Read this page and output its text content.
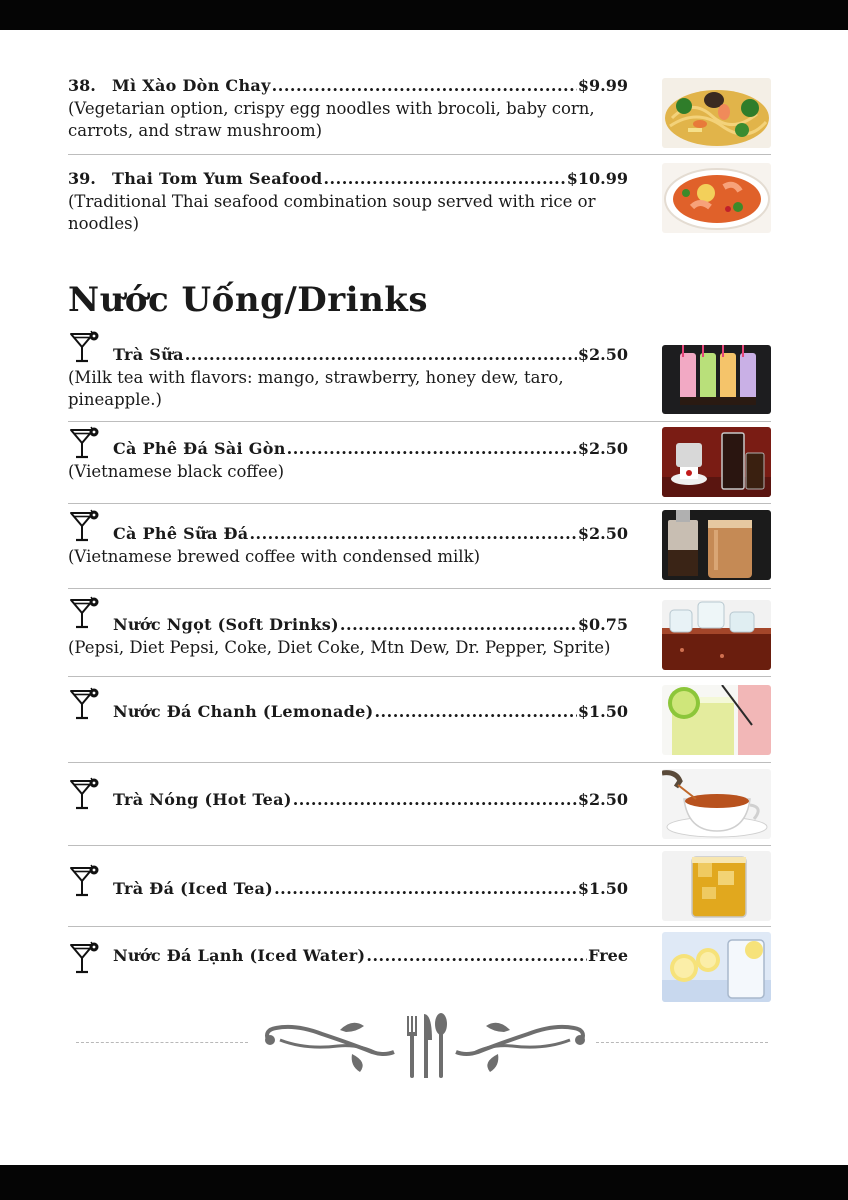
38.	Mì Xào Dòn Chay .....	$9.99
(Vegetarian option, crispy egg noodles with brocoli, baby corn, carrots, and straw mushroom)
39.	Thai Tom Yum Seafood .....	$10.99
(Traditional Thai seafood combination soup served with rice or noodles)
Nước Uống/Drinks
Trà Sữa .....	$2.50
(Milk tea with flavors: mango, strawberry, honey dew, taro, pineapple.)
Cà Phê Đá Sài Gòn .....	$2.50
(Vietnamese black coffee)
Cà Phê Sữa Đá .....	$2.50
(Vietnamese brewed coffee with condensed milk)
Nước Ngọt (Soft Drinks) .....	$0.75
(Pepsi, Diet Pepsi, Coke, Diet Coke, Mtn Dew, Dr. Pepper, Sprite)
Nước Đá Chanh (Lemonade) .....	$1.50
Trà Nóng (Hot Tea) .....	$2.50
Trà Đá (Iced Tea) .....	$1.50
Nước Đá Lạnh (Iced Water) .....	Free
